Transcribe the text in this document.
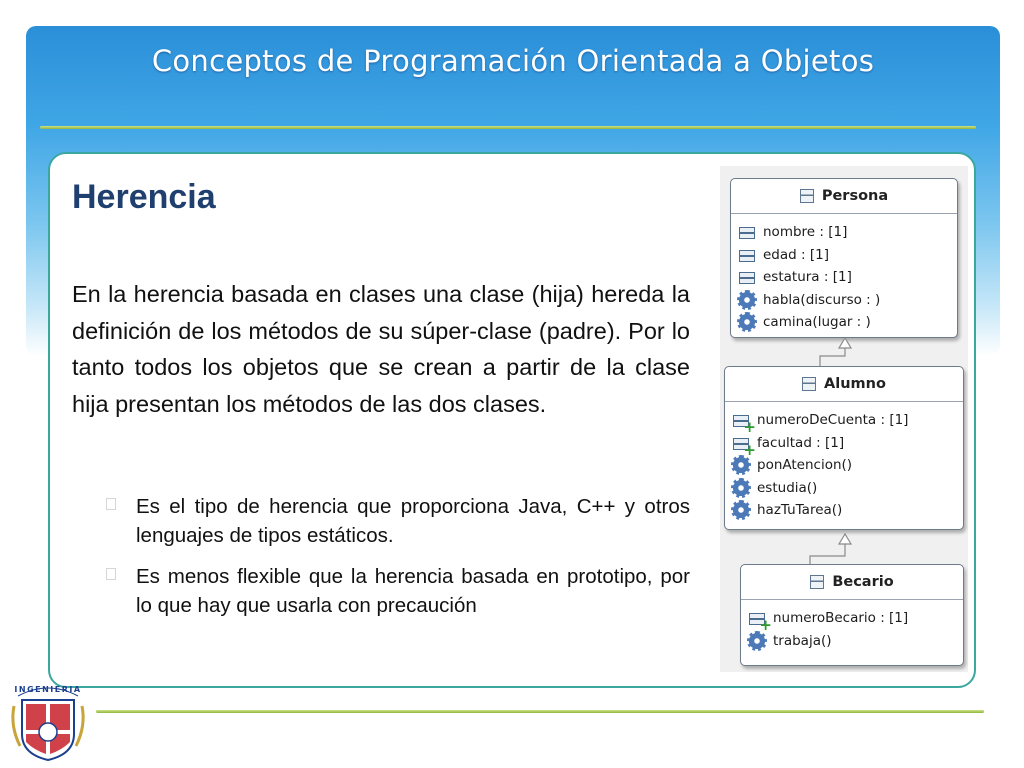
Conceptos de Programación Orientada a Objetos
Herencia
En la herencia basada en clases una clase (hija) hereda la definición de los métodos de su súper-clase (padre). Por lo tanto todos los objetos que se crean a partir de la clase hija presentan los métodos de las dos clases.
Es el tipo de herencia que proporciona Java, C++ y otros lenguajes de tipos estáticos.
Es menos flexible que la herencia basada en prototipo, por lo que hay que usarla con precaución
Persona
nombre : [1]
edad : [1]
estatura : [1]
habla(discurso : )
camina(lugar : )
Alumno
+
numeroDeCuenta : [1]
+
facultad : [1]
ponAtencion()
estudia()
hazTuTarea()
Becario
+
numeroBecario : [1]
trabaja()
INGENIERIA
